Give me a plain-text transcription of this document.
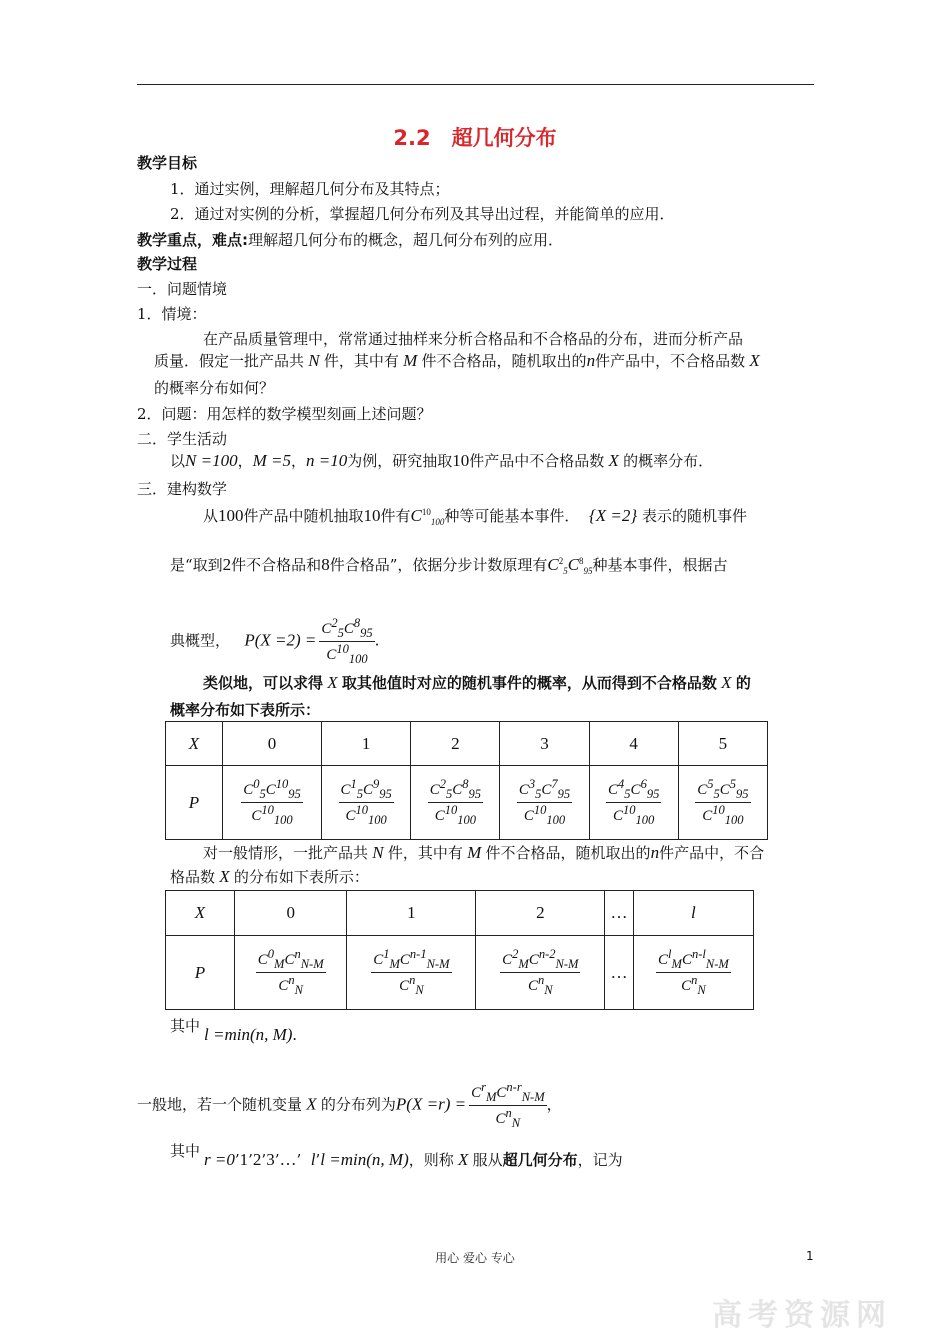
2.2　超几何分布
教学目标
1．通过实例，理解超几何分布及其特点；
2．通过对实例的分析，掌握超几何分布列及其导出过程，并能简单的应用．
教学重点，难点:理解超几何分布的概念，超几何分布列的应用．
教学过程
一．问题情境
1．情境：
在产品质量管理中，常常通过抽样来分析合格品和不合格品的分布，进而分析产品
质量．假定一批产品共 N 件，其中有 M 件不合格品，随机取出的n件产品中，不合格品数 X
的概率分布如何？
2．问题：用怎样的数学模型刻画上述问题？
二．学生活动
以N =100，M =5，n =10为例，研究抽取10件产品中不合格品数 X 的概率分布．
三．建构数学
从100件产品中随机抽取10件有$C^{10}_{100}$种等可能基本事件． {X =2} 表示的随机事件
是“取到2件不合格品和8件合格品”，依据分步计数原理有$C^2_5C^8_{95}$种基本事件，根据古
典概型， $P(X =2) = \frac{C^2_5C^8_{95}}{C^{10}_{100}}$ .
类似地，可以求得 X 取其他值时对应的随机事件的概率，从而得到不合格品数 X 的
概率分布如下表所示：
X	0	1	2	3	4	5
P	$\frac{C^0_5C^{10}_{95}}{C^{10}_{100}}$	$\frac{C^1_5C^9_{95}}{C^{10}_{100}}$	$\frac{C^2_5C^8_{95}}{C^{10}_{100}}$	$\frac{C^3_5C^7_{95}}{C^{10}_{100}}$	$\frac{C^4_5C^6_{95}}{C^{10}_{100}}$	$\frac{C^5_5C^5_{95}}{C^{10}_{100}}$
对一般情形，一批产品共 N 件，其中有 M 件不合格品，随机取出的n件产品中，不合
格品数 X 的分布如下表所示：
X	0	1	2	…	l
P	$\frac{C^0_MC^n_{N-M}}{C^n_N}$	$\frac{C^1_MC^{n-1}_{N-M}}{C^n_N}$	$\frac{C^2_MC^{n-2}_{N-M}}{C^n_N}$	…	$\frac{C^l_MC^{n-l}_{N-M}}{C^n_N}$
其中 l =min(n, M).
一般地，若一个随机变量 X 的分布列为$P(X =r) = \frac{C^r_MC^{n-r}_{N-M}}{C^n_N}$ ，
其中 r =0’1’2’3’…’  l’l =min(n, M)，则称 X 服从超几何分布，记为
用心 爱心 专心	1
高考资源网
